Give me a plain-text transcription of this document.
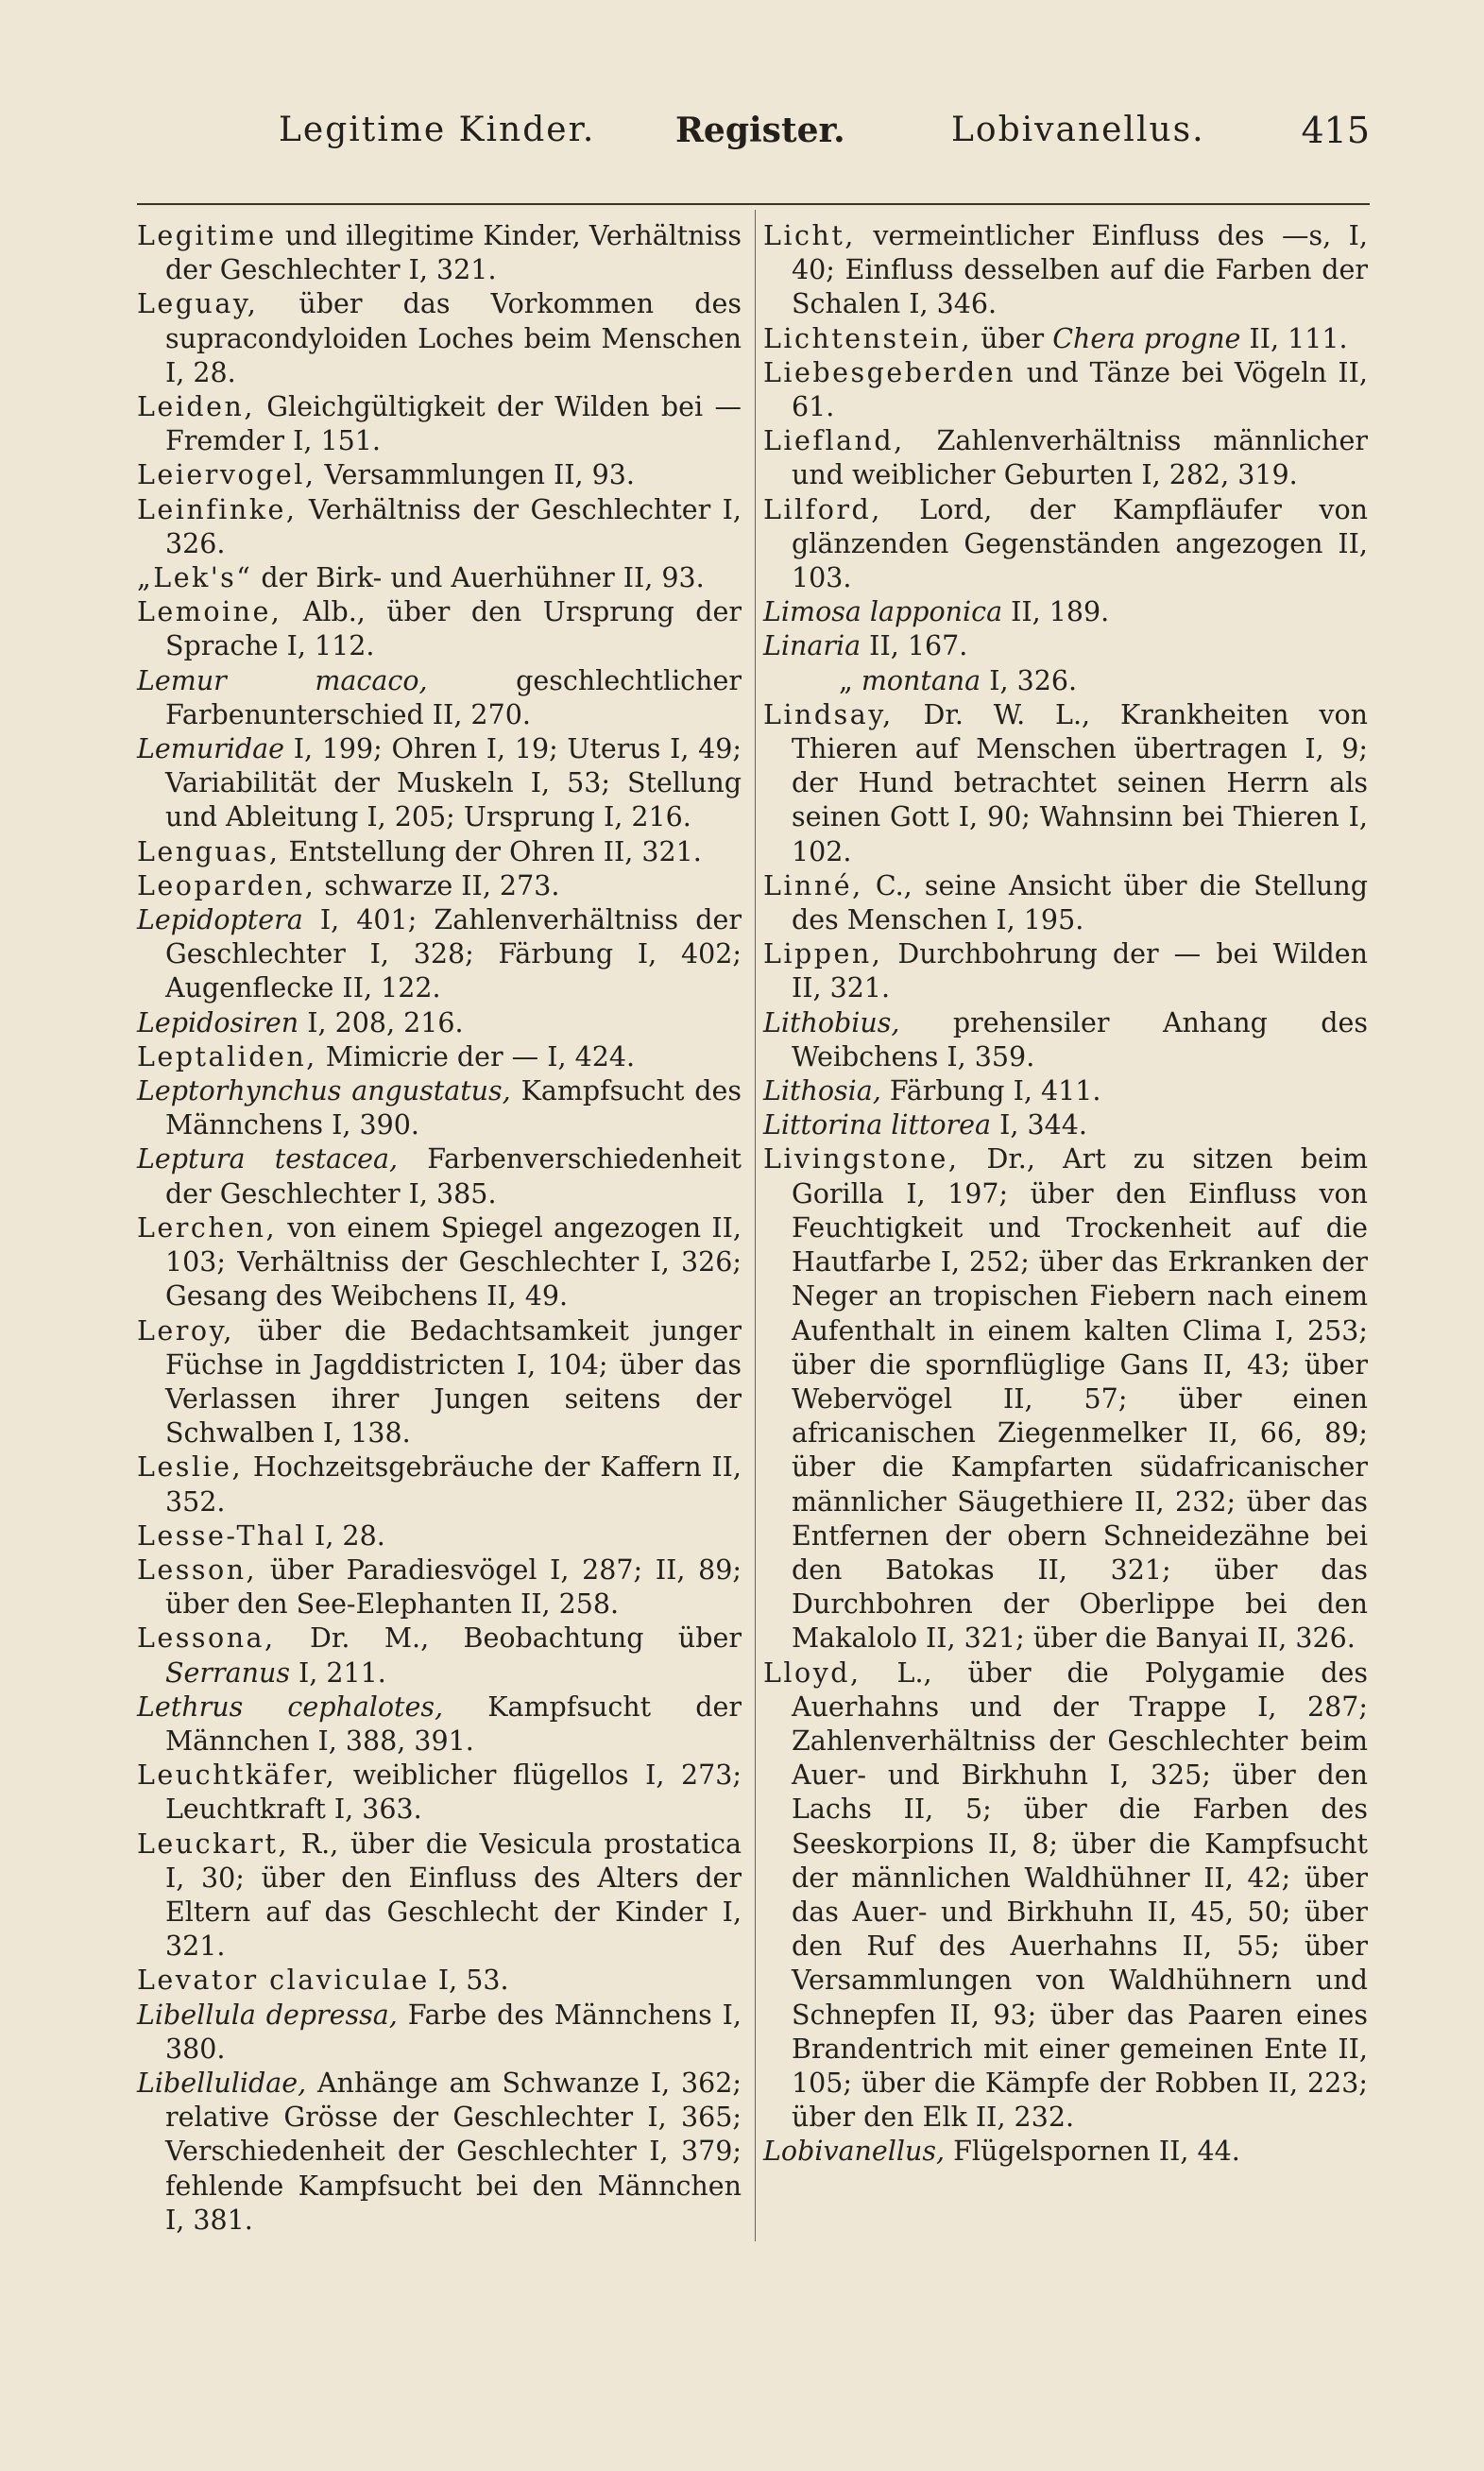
Legitime Kinder. Register.	Lobivanellus.	415
Legitime und illegitime Kinder, Verhältniss der Geschlechter I, 321.
Leguay, über das Vorkommen des supracondyloiden Loches beim Menschen I, 28.
Leiden, Gleichgültigkeit der Wilden bei — Fremder I, 151.
Leiervogel, Versammlungen II, 93.
Leinfinke, Verhältniss der Geschlechter I, 326.
„Lek's“ der Birk- und Auerhühner II, 93.
Lemoine, Alb., über den Ursprung der Sprache I, 112.
Lemur macaco, geschlechtlicher Farbenunterschied II, 270.
Lemuridae I, 199; Ohren I, 19; Uterus I, 49; Variabilität der Muskeln I, 53; Stellung und Ableitung I, 205; Ursprung I, 216.
Lenguas, Entstellung der Ohren II, 321.
Leoparden, schwarze II, 273.
Lepidoptera I, 401; Zahlenverhältniss der Geschlechter I, 328; Färbung I, 402; Augenflecke II, 122.
Lepidosiren I, 208, 216.
Leptaliden, Mimicrie der — I, 424.
Leptorhynchus angustatus, Kampfsucht des Männchens I, 390.
Leptura testacea, Farbenverschiedenheit der Geschlechter I, 385.
Lerchen, von einem Spiegel angezogen II, 103; Verhältniss der Geschlechter I, 326; Gesang des Weibchens II, 49.
Leroy, über die Bedachtsamkeit junger Füchse in Jagddistricten I, 104; über das Verlassen ihrer Jungen seitens der Schwalben I, 138.
Leslie, Hochzeitsgebräuche der Kaffern II, 352.
Lesse-Thal I, 28.
Lesson, über Paradiesvögel I, 287; II, 89; über den See-Elephanten II, 258.
Lessona, Dr. M., Beobachtung über Serranus I, 211.
Lethrus cephalotes, Kampfsucht der Männchen I, 388, 391.
Leuchtkäfer, weiblicher flügellos I, 273; Leuchtkraft I, 363.
Leuckart, R., über die Vesicula prostatica I, 30; über den Einfluss des Alters der Eltern auf das Geschlecht der Kinder I, 321.
Levator claviculae I, 53.
Libellula depressa, Farbe des Männchens I, 380.
Libellulidae, Anhänge am Schwanze I, 362; relative Grösse der Geschlechter I, 365; Verschiedenheit der Geschlechter I, 379; fehlende Kampfsucht bei den Männchen I, 381.
Licht, vermeintlicher Einfluss des —s, I, 40; Einfluss desselben auf die Farben der Schalen I, 346.
Lichtenstein, über Chera progne II, 111.
Liebesgeberden und Tänze bei Vögeln II, 61.
Liefland, Zahlenverhältniss männlicher und weiblicher Geburten I, 282, 319.
Lilford, Lord, der Kampfläufer von glänzenden Gegenständen angezogen II, 103.
Limosa lapponica II, 189.
Linaria II, 167.
„ montana I, 326.
Lindsay, Dr. W. L., Krankheiten von Thieren auf Menschen übertragen I, 9; der Hund betrachtet seinen Herrn als seinen Gott I, 90; Wahnsinn bei Thieren I, 102.
Linné, C., seine Ansicht über die Stellung des Menschen I, 195.
Lippen, Durchbohrung der — bei Wilden II, 321.
Lithobius, prehensiler Anhang des Weibchens I, 359.
Lithosia, Färbung I, 411.
Littorina littorea I, 344.
Livingstone, Dr., Art zu sitzen beim Gorilla I, 197; über den Einfluss von Feuchtigkeit und Trockenheit auf die Hautfarbe I, 252; über das Erkranken der Neger an tropischen Fiebern nach einem Aufenthalt in einem kalten Clima I, 253; über die spornflüglige Gans II, 43; über Webervögel II, 57; über einen africanischen Ziegenmelker II, 66, 89; über die Kampfarten südafricanischer männlicher Säugethiere II, 232; über das Entfernen der obern Schneidezähne bei den Batokas II, 321; über das Durchbohren der Oberlippe bei den Makalolo II, 321; über die Banyai II, 326.
Lloyd, L., über die Polygamie des Auerhahns und der Trappe I, 287; Zahlenverhältniss der Geschlechter beim Auer- und Birkhuhn I, 325; über den Lachs II, 5; über die Farben des Seeskorpions II, 8; über die Kampfsucht der männlichen Waldhühner II, 42; über das Auer- und Birkhuhn II, 45, 50; über den Ruf des Auerhahns II, 55; über Versammlungen von Waldhühnern und Schnepfen II, 93; über das Paaren eines Brandentrich mit einer gemeinen Ente II, 105; über die Kämpfe der Robben II, 223; über den Elk II, 232.
Lobivanellus, Flügelspornen II, 44.
